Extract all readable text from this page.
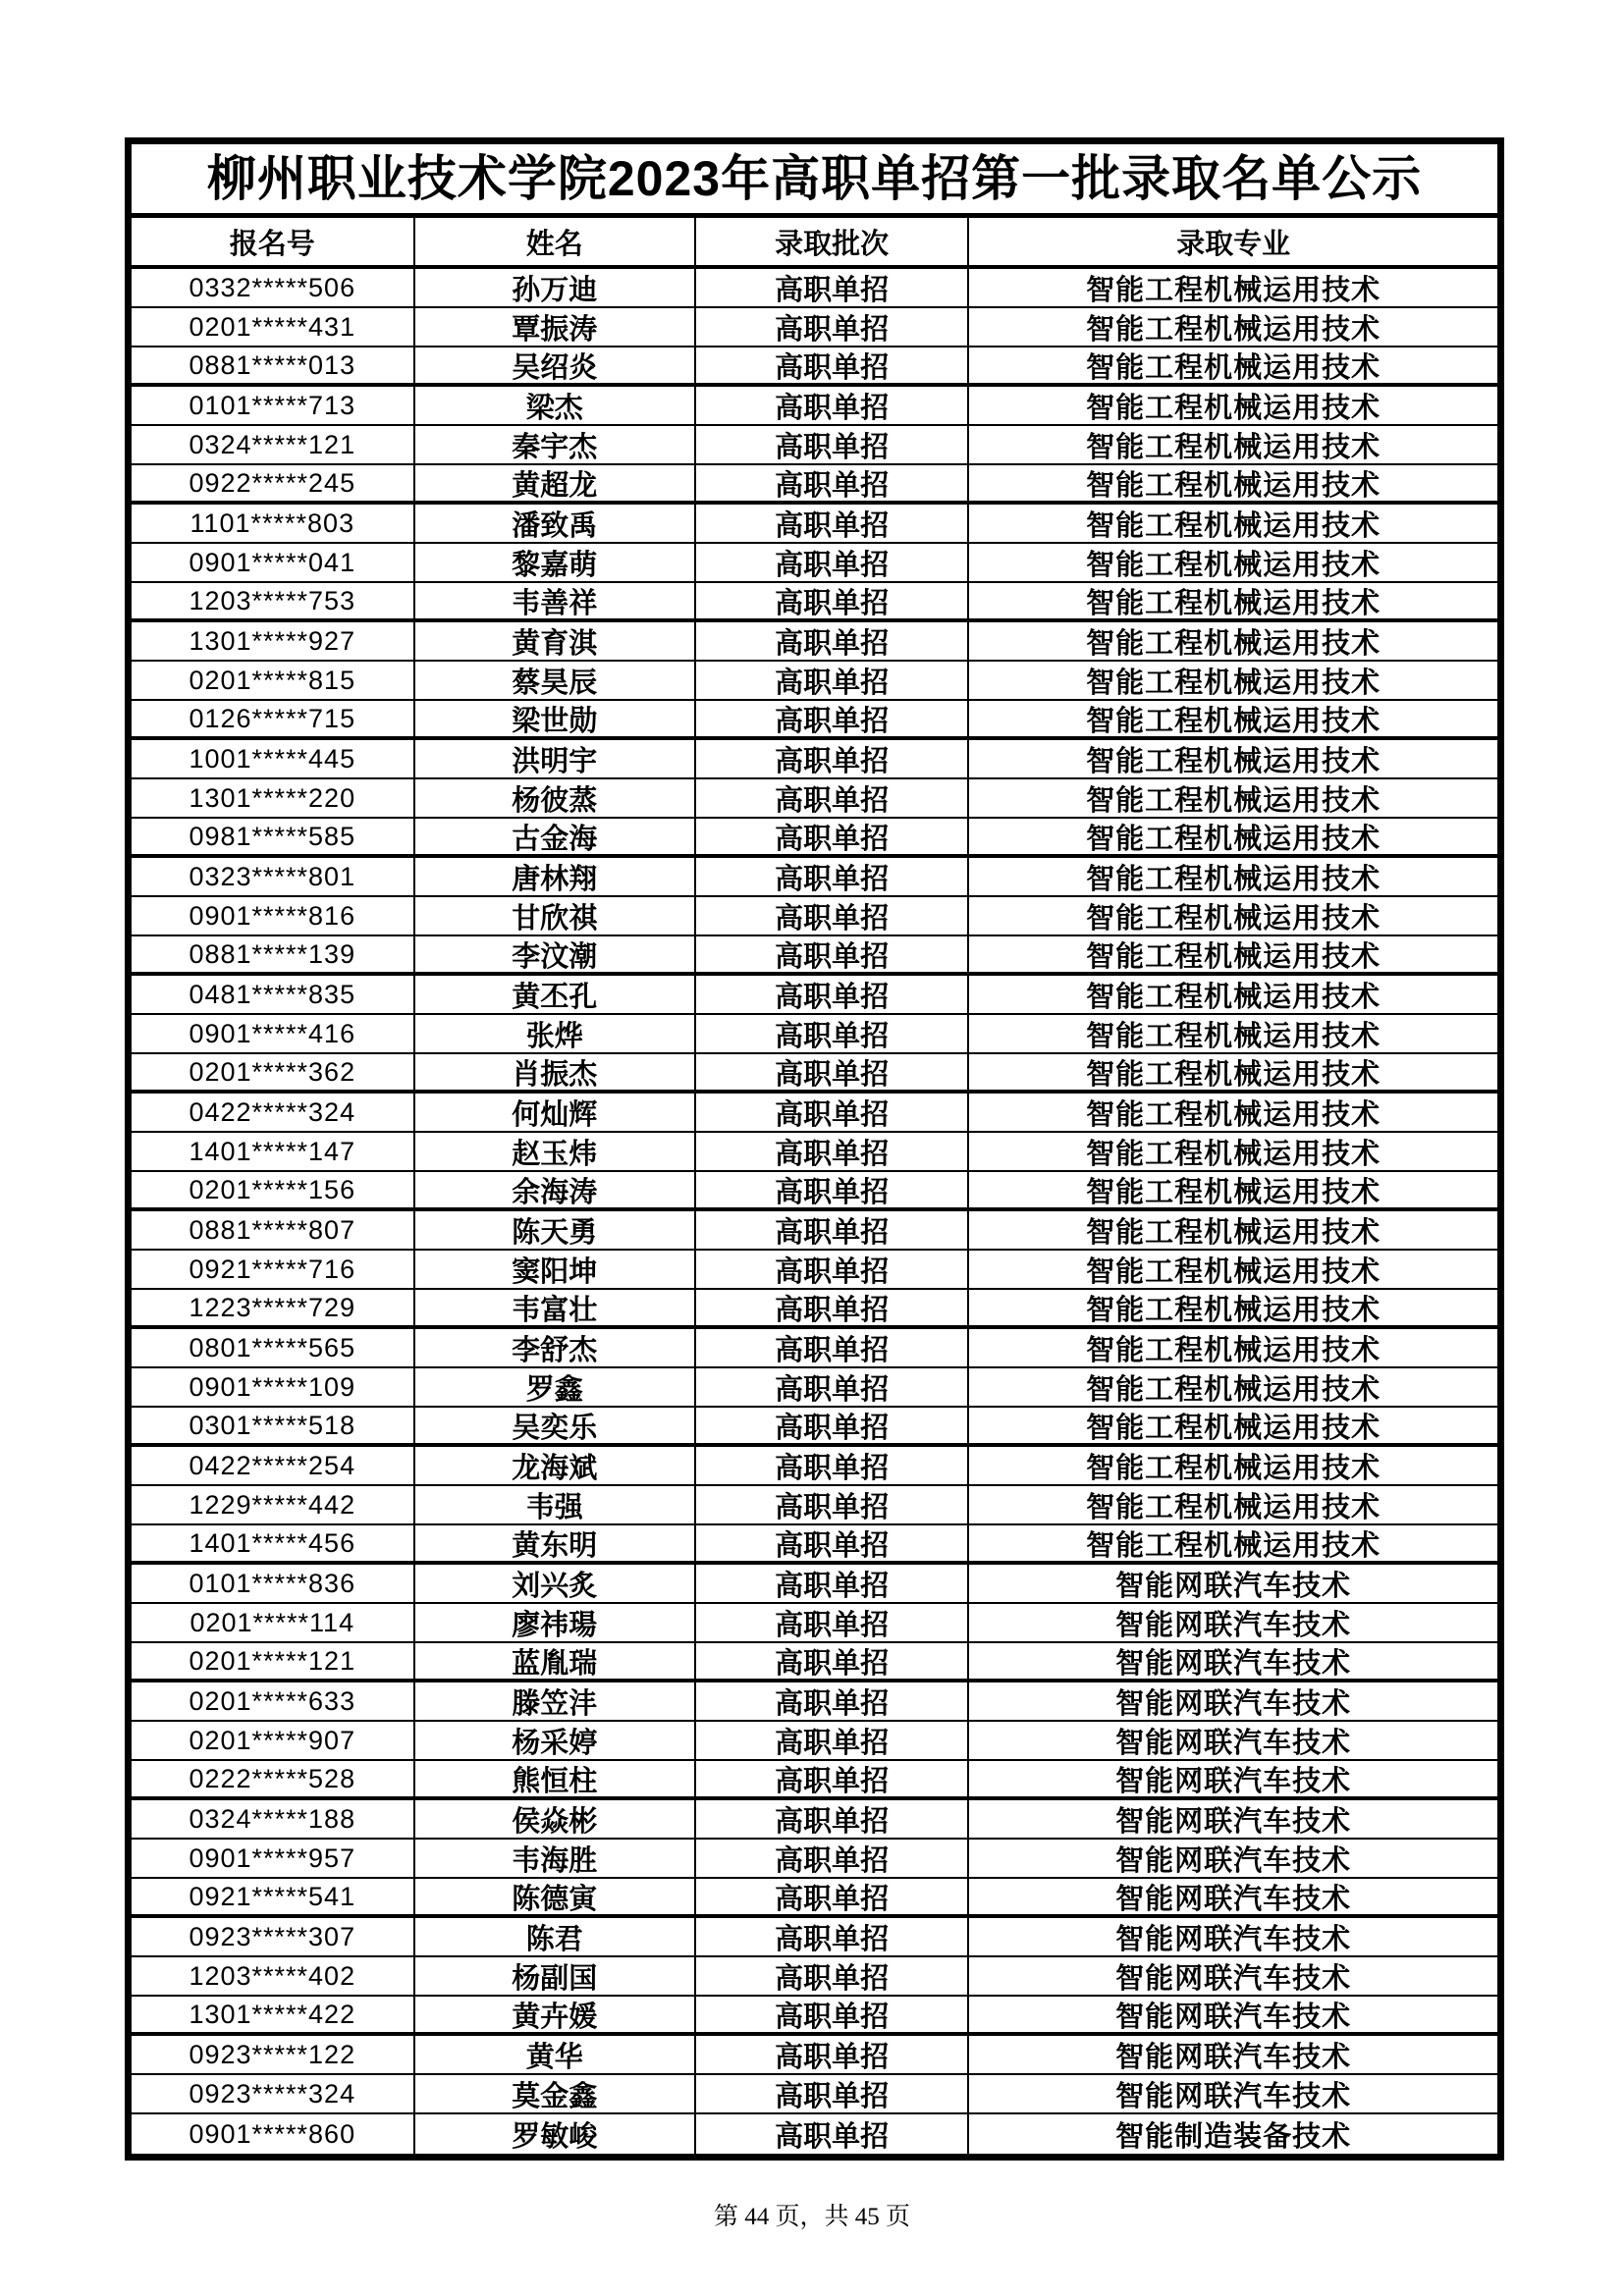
柳州职业技术学院2023年高职单招第一批录取名单公示
报名号	姓名	录取批次	录取专业
0332*****506	孙万迪	高职单招	智能工程机械运用技术
0201*****431	覃振涛	高职单招	智能工程机械运用技术
0881*****013	吴绍炎	高职单招	智能工程机械运用技术
0101*****713	梁杰	高职单招	智能工程机械运用技术
0324*****121	秦宇杰	高职单招	智能工程机械运用技术
0922*****245	黄超龙	高职单招	智能工程机械运用技术
1101*****803	潘致禹	高职单招	智能工程机械运用技术
0901*****041	黎嘉萌	高职单招	智能工程机械运用技术
1203*****753	韦善祥	高职单招	智能工程机械运用技术
1301*****927	黄育淇	高职单招	智能工程机械运用技术
0201*****815	蔡昊辰	高职单招	智能工程机械运用技术
0126*****715	梁世勋	高职单招	智能工程机械运用技术
1001*****445	洪明宇	高职单招	智能工程机械运用技术
1301*****220	杨彼蒸	高职单招	智能工程机械运用技术
0981*****585	古金海	高职单招	智能工程机械运用技术
0323*****801	唐林翔	高职单招	智能工程机械运用技术
0901*****816	甘欣祺	高职单招	智能工程机械运用技术
0881*****139	李汶潮	高职单招	智能工程机械运用技术
0481*****835	黄丕孔	高职单招	智能工程机械运用技术
0901*****416	张烨	高职单招	智能工程机械运用技术
0201*****362	肖振杰	高职单招	智能工程机械运用技术
0422*****324	何灿辉	高职单招	智能工程机械运用技术
1401*****147	赵玉炜	高职单招	智能工程机械运用技术
0201*****156	余海涛	高职单招	智能工程机械运用技术
0881*****807	陈天勇	高职单招	智能工程机械运用技术
0921*****716	窦阳坤	高职单招	智能工程机械运用技术
1223*****729	韦富壮	高职单招	智能工程机械运用技术
0801*****565	李舒杰	高职单招	智能工程机械运用技术
0901*****109	罗鑫	高职单招	智能工程机械运用技术
0301*****518	吴奕乐	高职单招	智能工程机械运用技术
0422*****254	龙海斌	高职单招	智能工程机械运用技术
1229*****442	韦强	高职单招	智能工程机械运用技术
1401*****456	黄东明	高职单招	智能工程机械运用技术
0101*****836	刘兴炙	高职单招	智能网联汽车技术
0201*****114	廖祎瑒	高职单招	智能网联汽车技术
0201*****121	蓝胤瑞	高职单招	智能网联汽车技术
0201*****633	滕笠沣	高职单招	智能网联汽车技术
0201*****907	杨采婷	高职单招	智能网联汽车技术
0222*****528	熊恒柱	高职单招	智能网联汽车技术
0324*****188	侯焱彬	高职单招	智能网联汽车技术
0901*****957	韦海胜	高职单招	智能网联汽车技术
0921*****541	陈德寅	高职单招	智能网联汽车技术
0923*****307	陈君	高职单招	智能网联汽车技术
1203*****402	杨副国	高职单招	智能网联汽车技术
1301*****422	黄卉媛	高职单招	智能网联汽车技术
0923*****122	黄华	高职单招	智能网联汽车技术
0923*****324	莫金鑫	高职单招	智能网联汽车技术
0901*****860	罗敏峻	高职单招	智能制造装备技术
第 44 页，共 45 页
